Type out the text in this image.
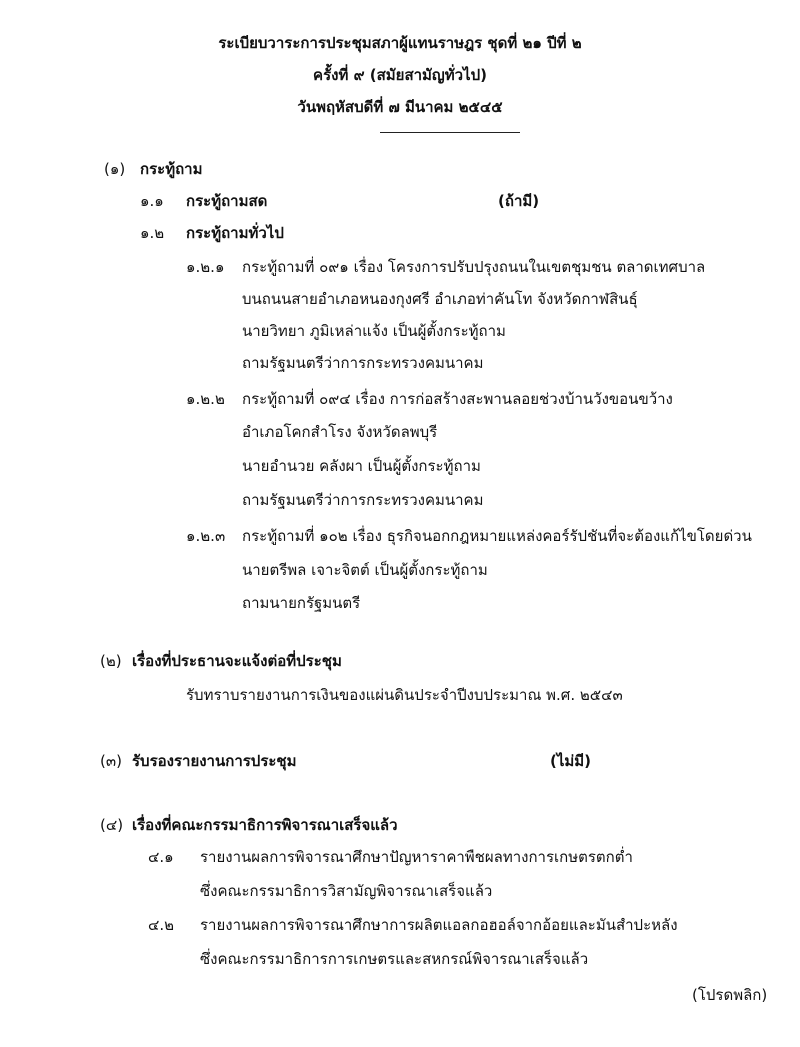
ระเบียบวาระการประชุมสภาผู้แทนราษฎร ชุดที่ ๒๑ ปีที่ ๒
ครั้งที่ ๙ (สมัยสามัญทั่วไป)
วันพฤหัสบดีที่ ๗ มีนาคม ๒๕๔๕
(๑) กระทู้ถาม
๑.๑ กระทู้ถามสด	(ถ้ามี)
๑.๒ กระทู้ถามทั่วไป
๑.๒.๑ กระทู้ถามที่ ๐๙๑ เรื่อง โครงการปรับปรุงถนนในเขตชุมชน ตลาดเทศบาล
บนถนนสายอำเภอหนองกุงศรี อำเภอท่าคันโท จังหวัดกาฬสินธุ์
นายวิทยา ภูมิเหล่าแจ้ง เป็นผู้ตั้งกระทู้ถาม
ถามรัฐมนตรีว่าการกระทรวงคมนาคม
๑.๒.๒ กระทู้ถามที่ ๐๙๔ เรื่อง การก่อสร้างสะพานลอยช่วงบ้านวังขอนขว้าง
อำเภอโคกสำโรง จังหวัดลพบุรี
นายอำนวย คลังผา เป็นผู้ตั้งกระทู้ถาม
ถามรัฐมนตรีว่าการกระทรวงคมนาคม
๑.๒.๓ กระทู้ถามที่ ๑๐๒ เรื่อง ธุรกิจนอกกฎหมายแหล่งคอร์รัปชันที่จะต้องแก้ไขโดยด่วน
นายตรีพล เจาะจิตต์ เป็นผู้ตั้งกระทู้ถาม
ถามนายกรัฐมนตรี
(๒) เรื่องที่ประธานจะแจ้งต่อที่ประชุม
รับทราบรายงานการเงินของแผ่นดินประจำปีงบประมาณ พ.ศ. ๒๕๔๓
(๓) รับรองรายงานการประชุม	(ไม่มี)
(๔) เรื่องที่คณะกรรมาธิการพิจารณาเสร็จแล้ว
๔.๑ รายงานผลการพิจารณาศึกษาปัญหาราคาพืชผลทางการเกษตรตกต่ำ
ซึ่งคณะกรรมาธิการวิสามัญพิจารณาเสร็จแล้ว
๔.๒ รายงานผลการพิจารณาศึกษาการผลิตแอลกอฮอล์จากอ้อยและมันสำปะหลัง
ซึ่งคณะกรรมาธิการการเกษตรและสหกรณ์พิจารณาเสร็จแล้ว
(โปรดพลิก)
